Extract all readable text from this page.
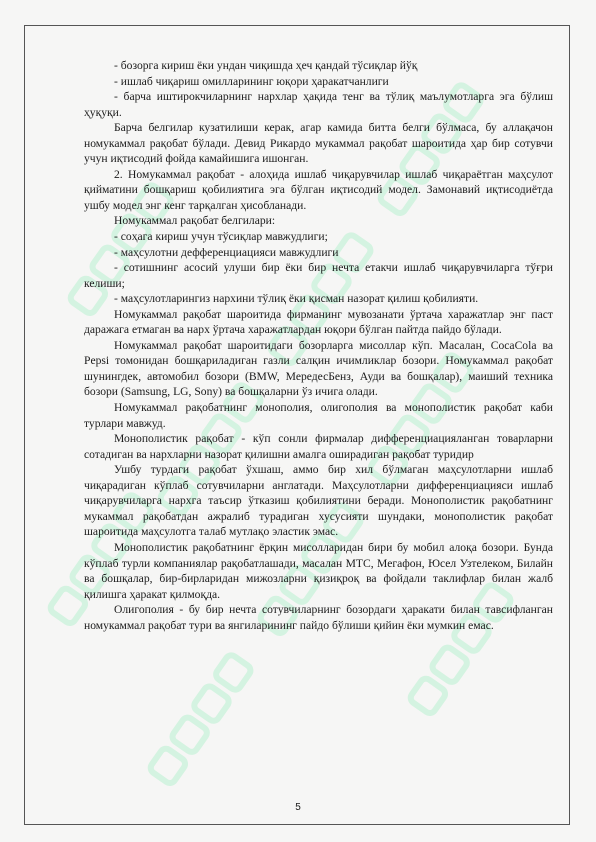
- бозорга кириш ёки ундан чиқишда ҳеч қандай тўсиқлар йўқ

- ишлаб чиқариш омилларининг юқори ҳаракатчанлиги

- барча иштирокчиларнинг нархлар ҳақида тенг ва тўлиқ маълумотларга эга бўлиш ҳуқуқи.

Барча белгилар кузатилиши керак, агар камида битта белги бўлмаса, бу аллақачон номукаммал рақобат бўлади. Девид Рикардо мукаммал рақобат шароитида ҳар бир сотувчи учун иқтисодий фойда камайишига ишонган.

2. Номукаммал рақобат - алоҳида ишлаб чиқарувчилар ишлаб чиқараётган маҳсулот қийматини бошқариш қобилиятига эга бўлган иқтисодий модел. Замонавий иқтисодиётда ушбу модел энг кенг тарқалган ҳисобланади.

Номукаммал рақобат белгилари:

- соҳага кириш учун тўсиқлар мавжудлиги;

- маҳсулотни дефференциацияси мавжудлиги

- сотишнинг асосий улуши бир ёки бир нечта етакчи ишлаб чиқарувчиларга тўғри келиши;

- маҳсулотларингиз нархини тўлиқ ёки қисман назорат қилиш қобилияти.

Номукаммал рақобат шароитида фирманинг мувозанати ўртача харажатлар энг паст даражага етмаган ва нарх ўртача харажатлардан юқори бўлган пайтда пайдо бўлади.

Номукаммал рақобат шароитидаги бозорларга мисоллар кўп. Масалан, CocaCola ва Pepsi томонидан бошқариладиган газли салқин ичимликлар бозори. Номукаммал рақобат шунингдек, автомобил бозори (BMW, МередесБенз, Ауди ва бошқалар), маиший техника бозори (Samsung, LG, Sony) ва бошқаларни ўз ичига олади.

Номукаммал рақобатнинг монополия, олигополия ва монополистик рақобат каби турлари мавжуд.

Монополистик рақобат - кўп сонли фирмалар дифференциацияланган товарларни сотадиган ва нархларни назорат қилишни амалга оширадиган рақобат туридир

Ушбу турдаги рақобат ўхшаш, аммо бир хил бўлмаган маҳсулотларни ишлаб чиқарадиган кўплаб сотувчиларни англатади. Маҳсулотларни дифференциацияси ишлаб чиқарувчиларга нархга таъсир ўтказиш қобилиятини беради. Монополистик рақобатнинг мукаммал рақобатдан ажралиб турадиган хусусияти шундаки, монополистик рақобат шароитида маҳсулотга талаб мутлақо эластик эмас.

Монополистик рақобатнинг ёрқин мисолларидан бири бу мобил алоқа бозори. Бунда кўплаб турли компаниялар рақобатлашади, масалан МТС, Мегафон, Юсел Узтелеком, Билайн ва бошқалар, бир-бирларидан мижозларни қизиқроқ ва фойдали таклифлар билан жалб қилишга ҳаракат қилмоқда.

Олигополия - бу бир нечта сотувчиларнинг бозордаги ҳаракати билан тавсифланган номукаммал рақобат тури ва янгиларининг пайдо бўлиши қийин ёки мумкин емас.

5
